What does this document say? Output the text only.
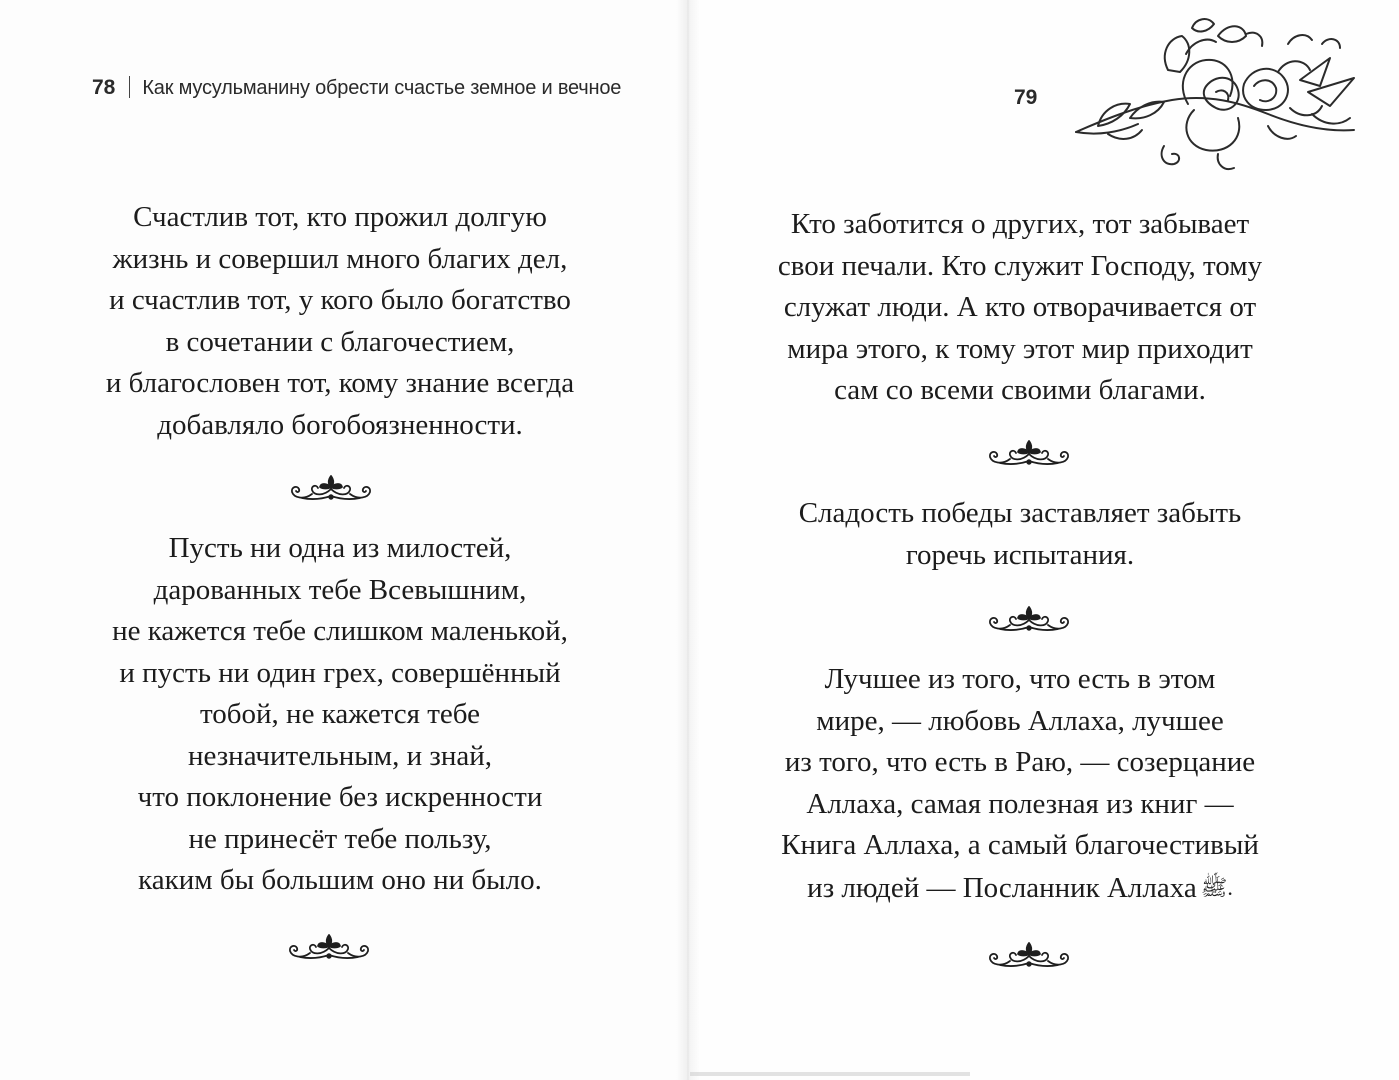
78 Как мусульманину обрести счастье земное и вечное
Счастлив тот, кто прожил долгую
жизнь и совершил много благих дел,
и счастлив тот, у кого было богатство
в сочетании с благочестием,
и благословен тот, кому знание всегда
добавляло богобоязненности.
Пусть ни одна из милостей,
дарованных тебе Всевышним,
не кажется тебе слишком маленькой,
и пусть ни один грех, совершённый
тобой, не кажется тебе
незначительным, и знай,
что поклонение без искренности
не принесёт тебе пользу,
каким бы большим оно ни было.
79
Кто заботится о других, тот забывает
свои печали. Кто служит Господу, тому
служат люди. А кто отворачивается от
мира этого, к тому этот мир приходит
сам со всеми своими благами.
Сладость победы заставляет забыть
горечь испытания.
Лучшее из того, что есть в этом
мире, — любовь Аллаха, лучшее
из того, что есть в Раю, — созерцание
Аллаха, самая полезная из книг —
Книга Аллаха, а самый благочестивый
из людей — Посланник Аллаха ﷺ.
